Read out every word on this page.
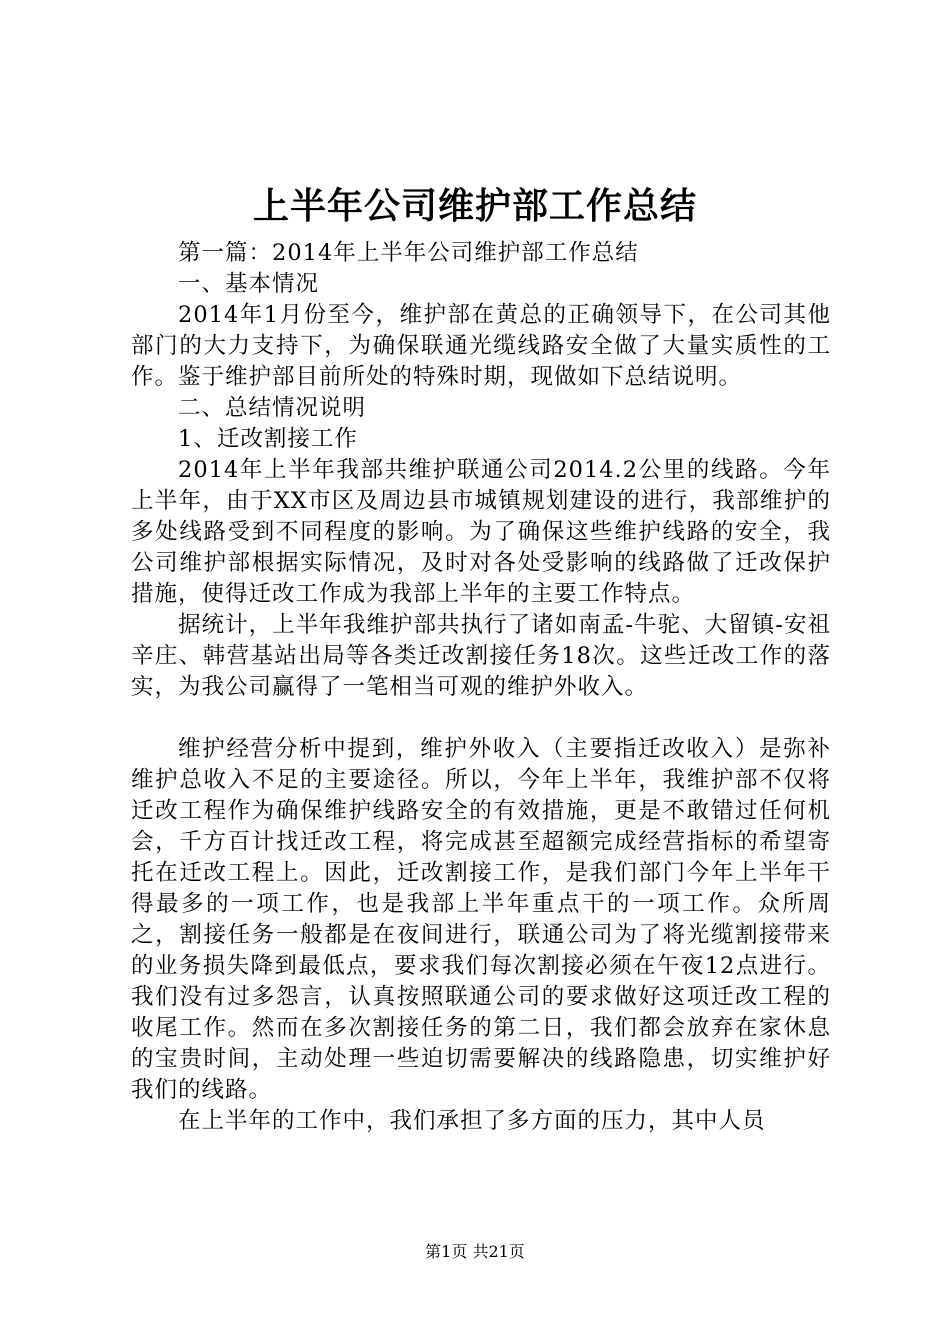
上半年公司维护部工作总结

第一篇：2014年上半年公司维护部工作总结

一、基本情况

2014年1月份至今，维护部在黄总的正确领导下，在公司其他部门的大力支持下，为确保联通光缆线路安全做了大量实质性的工作。鉴于维护部目前所处的特殊时期，现做如下总结说明。

二、总结情况说明

1、迁改割接工作

2014年上半年我部共维护联通公司2014.2公里的线路。今年上半年，由于XX市区及周边县市城镇规划建设的进行，我部维护的多处线路受到不同程度的影响。为了确保这些维护线路的安全，我公司维护部根据实际情况，及时对各处受影响的线路做了迁改保护措施，使得迁改工作成为我部上半年的主要工作特点。

据统计，上半年我维护部共执行了诸如南孟-牛驼、大留镇-安祖辛庄、韩营基站出局等各类迁改割接任务18次。这些迁改工作的落实，为我公司赢得了一笔相当可观的维护外收入。

维护经营分析中提到，维护外收入（主要指迁改收入）是弥补维护总收入不足的主要途径。所以，今年上半年，我维护部不仅将迁改工程作为确保维护线路安全的有效措施，更是不敢错过任何机会，千方百计找迁改工程，将完成甚至超额完成经营指标的希望寄托在迁改工程上。因此，迁改割接工作，是我们部门今年上半年干得最多的一项工作，也是我部上半年重点干的一项工作。众所周之，割接任务一般都是在夜间进行，联通公司为了将光缆割接带来的业务损失降到最低点，要求我们每次割接必须在午夜12点进行。我们没有过多怨言，认真按照联通公司的要求做好这项迁改工程的收尾工作。然而在多次割接任务的第二日，我们都会放弃在家休息的宝贵时间，主动处理一些迫切需要解决的线路隐患，切实维护好我们的线路。

在上半年的工作中，我们承担了多方面的压力，其中人员

第1页 共21页
